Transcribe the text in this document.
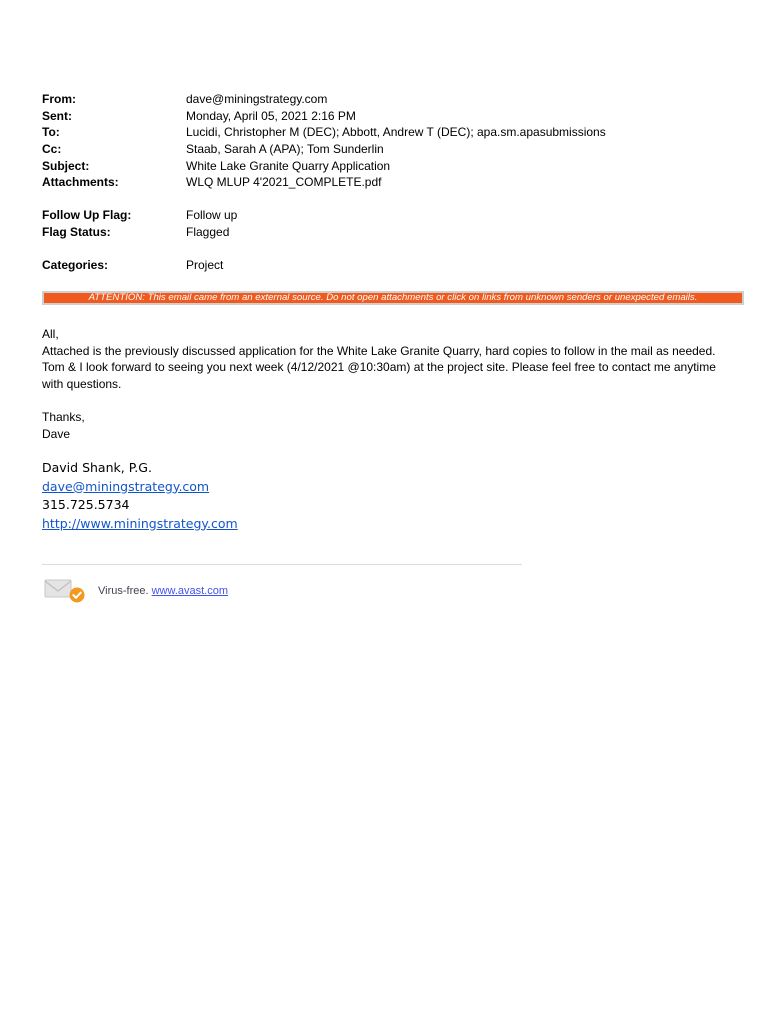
From:	dave@miningstrategy.com
Sent:	Monday, April 05, 2021 2:16 PM
To:	Lucidi, Christopher M (DEC); Abbott, Andrew T (DEC); apa.sm.apasubmissions
Cc:	Staab, Sarah A (APA); Tom Sunderlin
Subject:	White Lake Granite Quarry Application
Attachments:	WLQ MLUP 4'2021_COMPLETE.pdf
Follow Up Flag:	Follow up
Flag Status:	Flagged
Categories:	Project
ATTENTION: This email came from an external source. Do not open attachments or click on links from unknown senders or unexpected emails.

All,

Attached is the previously discussed application for the White Lake Granite Quarry, hard copies to follow in the mail as needed.

Tom & I look forward to seeing you next week (4/12/2021 @10:30am) at the project site. Please feel free to contact me anytime

with questions.

Thanks,

Dave

David Shank, P.G.
dave@miningstrategy.com
315.725.5734
http://www.miningstrategy.com
Virus-free. www.avast.com
